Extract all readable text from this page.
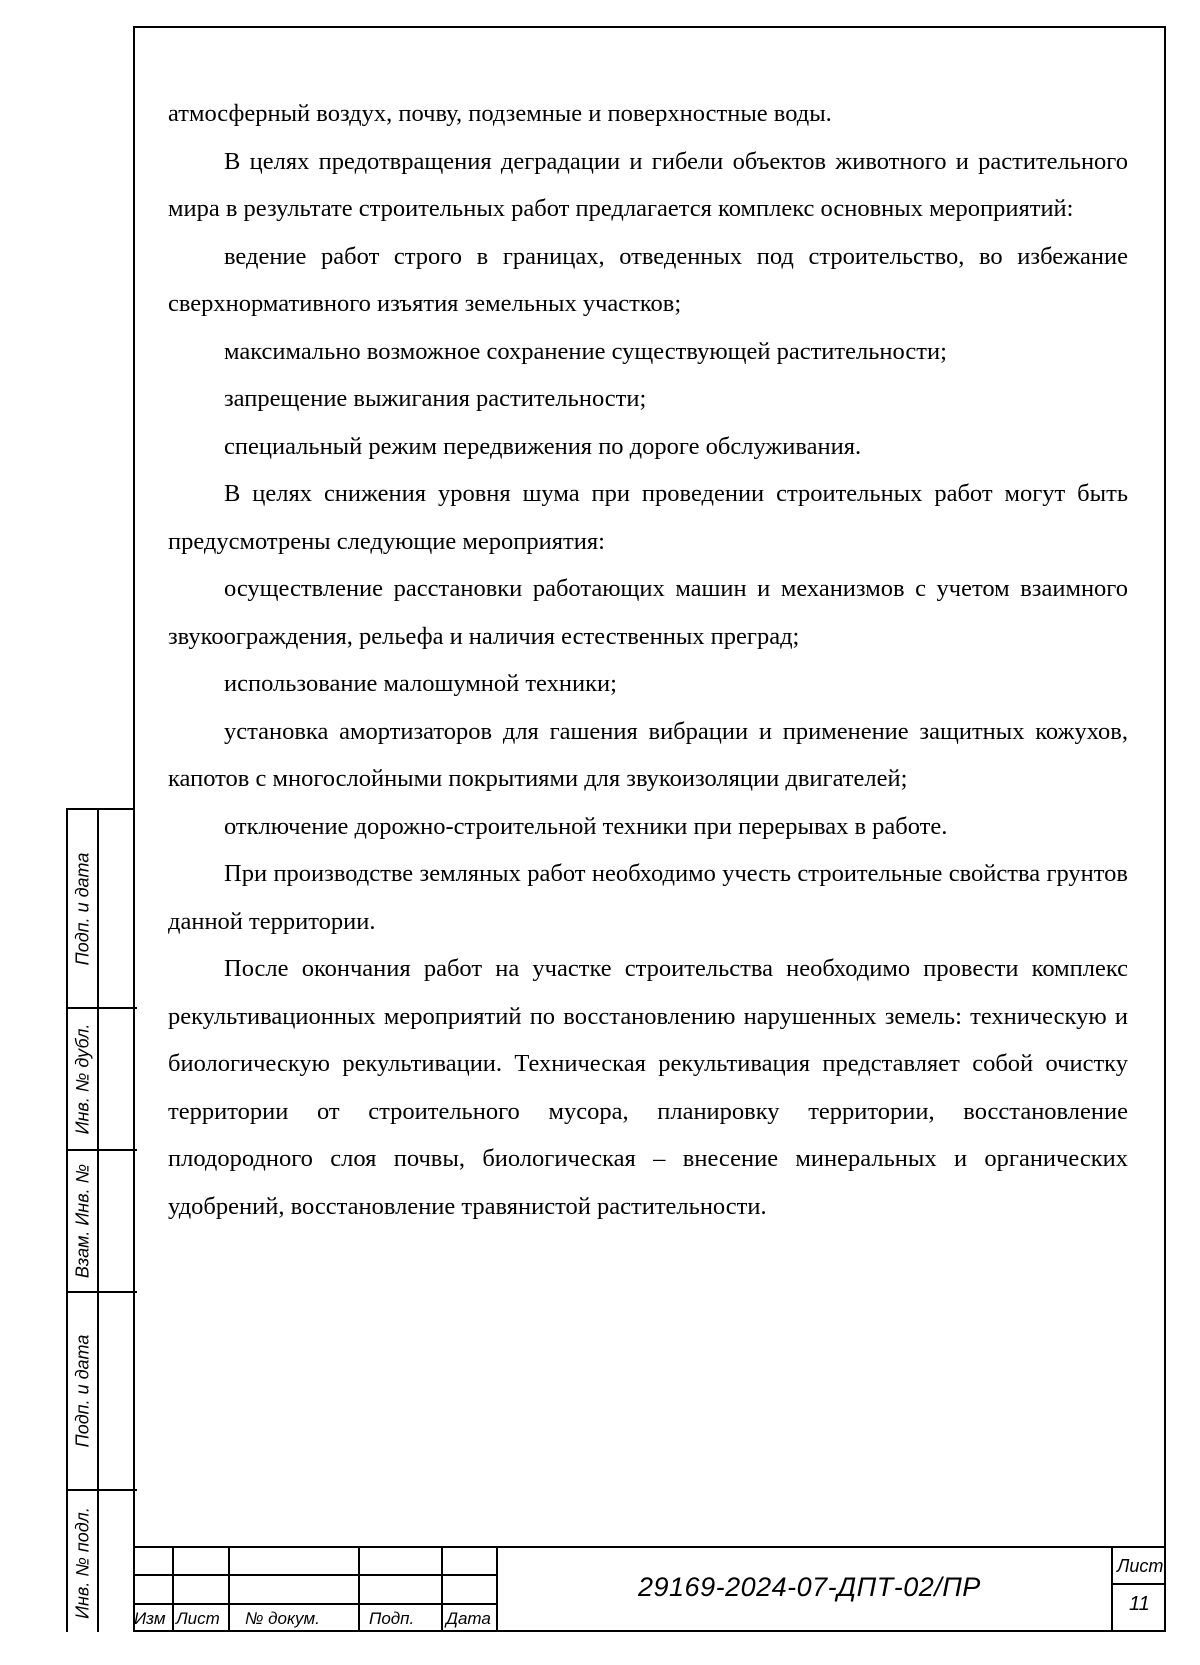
атмосферный воздух, почву, подземные и поверхностные воды.

В целях предотвращения деградации и гибели объектов животного и растительного мира в результате строительных работ предлагается комплекс основных мероприятий:

ведение работ строго в границах, отведенных под строительство, во избежание сверхнормативного изъятия земельных участков;

максимально возможное сохранение существующей растительности;

запрещение выжигания растительности;

специальный режим передвижения по дороге обслуживания.

В целях снижения уровня шума при проведении строительных работ могут быть предусмотрены следующие мероприятия:

осуществление расстановки работающих машин и механизмов с учетом взаимного звукоограждения, рельефа и наличия естественных преград;

использование малошумной техники;

установка амортизаторов для гашения вибрации и применение защитных кожухов, капотов с многослойными покрытиями для звукоизоляции двигателей;

отключение дорожно-строительной техники при перерывах в работе.

При производстве земляных работ необходимо учесть строительные свойства грунтов данной территории.

После окончания работ на участке строительства необходимо провести комплекс рекультивационных мероприятий по восстановлению нарушенных земель: техническую и биологическую рекультивации. Техническая рекультивация представляет собой очистку территории от строительного мусора, планировку территории, восстановление плодородного слоя почвы, биологическая – внесение минеральных и органических удобрений, восстановление травянистой растительности.

Подп. и дата
Инв. № дубл.
Взам. Инв. №
Подп. и дата
Инв. № подл.
Изм Лист № докум.	Подп. Дата
29169-2024-07-ДПТ-02/ПР
Лист
11
